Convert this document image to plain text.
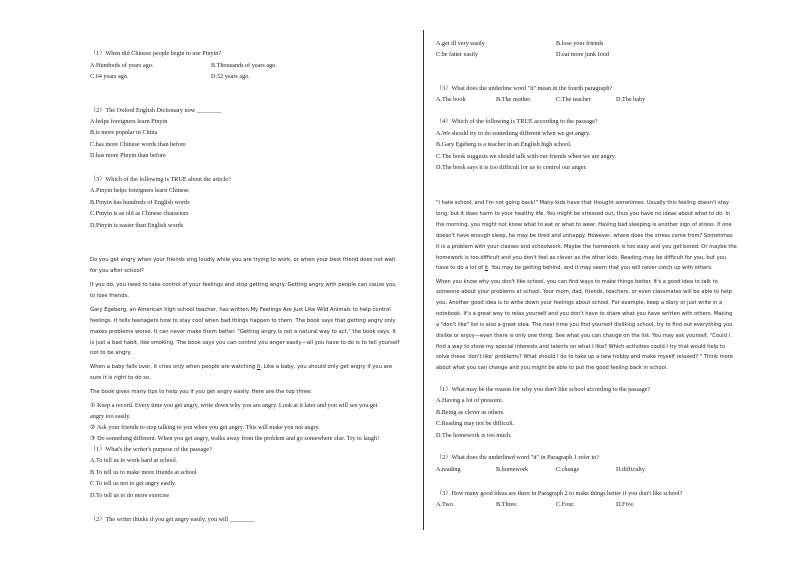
（1）When did Chinese people begin to use Pinyin?
A.Hundreds of years ago.	B.Thousands of years ago.
C.64 years ago.	D.52 years ago.
（2）The Oxford English Dictionary now ________
A.helps foreigners learn Pinyin
B.is more popular in China
C.has more Chinese words than before
D.has more Pinyin than before
（3）Which of the following is TRUE about the article?
A.Pinyin helps foreigners learn Chinese
B.Pinyin has hundreds of English words
C.Pinyin is as old as Chinese characters
D.Pinyin is easier than English words
Do you get angry when your friends sing loudly while you are trying to work, or when your best friend does not wait
for you after school?
If you do, you need to take control of your feelings and stop getting angry. Getting angry with people can cause you
to lose friends.
Gary Egeberg, an American high school teacher, has written My Feelings Are Just Like Wild Animals to help control
feelings. It tells teenagers how to stay cool when bad things happen to them. The book says that getting angry only
makes problems worse. It can never make them better. "Getting angry is not a natural way to act," the book says. It
is just a bad habit, like smoking. The book says you can control you anger easily—all you have to do is to tell yourself
not to be angry.
When a baby falls over, it cries only when people are watching it. Like a baby, you should only get angry if you are
sure it is right to do so.
The book gives many tips to help you if you get angry easily. Here are the top three:
① Keep a record. Every time you get angry, write down why you are angry. Look at it later and you will see you get
angry too easily.
② Ask your friends to stop talking to you when you get angry. This will make you not angry.
③ Do something different. When you get angry, walks away from the problem and go somewhere else. Try to laugh!
（1）What's the writer's purpose of the passage?
A.To tell us to work hard at school.
B.To tell us to make more friends at school
C.To tell us not to get angry easily.
D.To tell us to do more exercise
（2）The writer thinks if you get angry easily, you will ________
A.get ill very easily	B.lose your friends
C.be fatter easily	D.eat more junk food
（3）What does the underline word "it" mean in the fourth paragraph?
A.The book	B.The mother	C.The teacher	D.The baby
（4）Which of the following is TRUE according to the passage?
A.We should try to do something different when we get angry.
B.Gary Egeberg is a teacher in an English high school.
C.The book suggests we should talk with our friends when we are angry.
D.The book says it is too difficult for us to control our anger.
"I hate school, and I'm not going back!" Many kids have that thought sometimes. Usually this feeling doesn't stay
long, but it does harm to your healthy life. You might be stressed out, thus you have no ideas about what to do. In
the morning, you might not know what to eat or what to wear. Having bad sleeping is another sign of stress. If one
doesn't have enough sleep, he may be tired and unhappy. However, where does the stress come from? Sometimes
it is a problem with your classes and schoolwork. Maybe the homework is too easy and you get bored. Or maybe the
homework is too difficult and you don't feel as clever as the other kids. Reading may be difficult for you, but you
have to do a lot of it. You may be getting behind, and it may seem that you will never catch up with others.
When you know why you don't like school, you can find ways to make things better. It's a good idea to talk to
someone about your problems at school. Your mom, dad, friends, teachers, or even classmates will be able to help
you. Another good idea is to write down your feelings about school. For example, keep a diary or just write in a
notebook. It's a great way to relax yourself and you don't have to share what you have written with others. Making
a "don't like" list is also a great idea. The next time you find yourself disliking school, try to find out everything you
dislike or enjoy—even there is only one thing. See what you can change on the list. You may ask yourself, "Could I
find a way to show my special interests and talents on what I like? Which activities could I try that would help to
solve these 'don't like' problems? What should I do to take up a new hobby and make myself relaxed? " Think more
about what you can change and you might be able to put the good feeling back in school.
（1）What may be the reason for why you don't like school according to the passage?
A.Having a lot of pressure.
B.Being as clever as others.
C.Reading may not be difficult.
D.The homework is too much.
（2）What does the underlined word "it" in Paragraph 1 refer to?
A.reading	B.homework	C.change	D.difficulty
（3）How many good ideas are there in Paragraph 2 to make things better if you don't like school?
A.Two.	B.Three.	C.Four.	D.Five.
